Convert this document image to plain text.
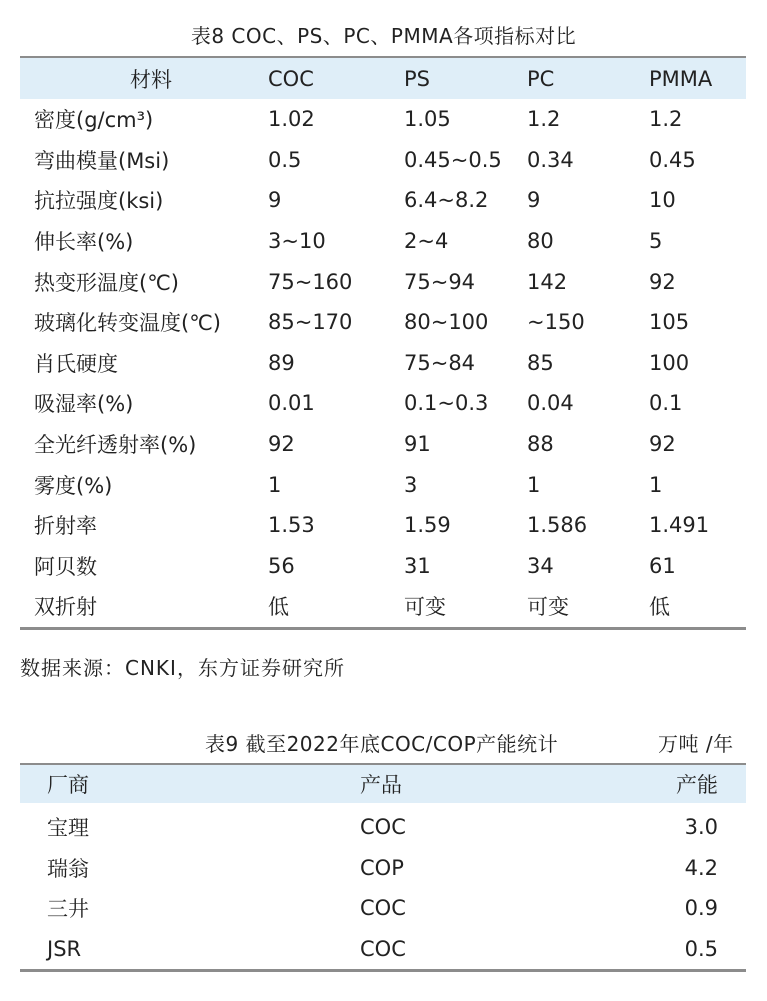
表8 COC、PS、PC、PMMA各项指标对比
材料	COC	PS	PC	PMMA
密度(g/cm³)	1.02	1.05	1.2	1.2
弯曲模量(Msi)	0.5	0.45~0.5	0.34	0.45
抗拉强度(ksi)	9	6.4~8.2	9	10
伸长率(%)	3~10	2~4	80	5
热变形温度(℃)	75~160	75~94	142	92
玻璃化转变温度(℃)	85~170	80~100	~150	105
肖氏硬度	89	75~84	85	100
吸湿率(%)	0.01	0.1~0.3	0.04	0.1
全光纤透射率(%)	92	91	88	92
雾度(%)	1	3	1	1
折射率	1.53	1.59	1.586	1.491
阿贝数	56	31	34	61
双折射	低	可变	可变	低
数据来源：CNKI，东方证券研究所
表9 截至2022年底COC/COP产能统计	万吨 /年
厂商	产品	产能
宝理	COC	3.0
瑞翁	COP	4.2
三井	COC	0.9
JSR	COC	0.5
